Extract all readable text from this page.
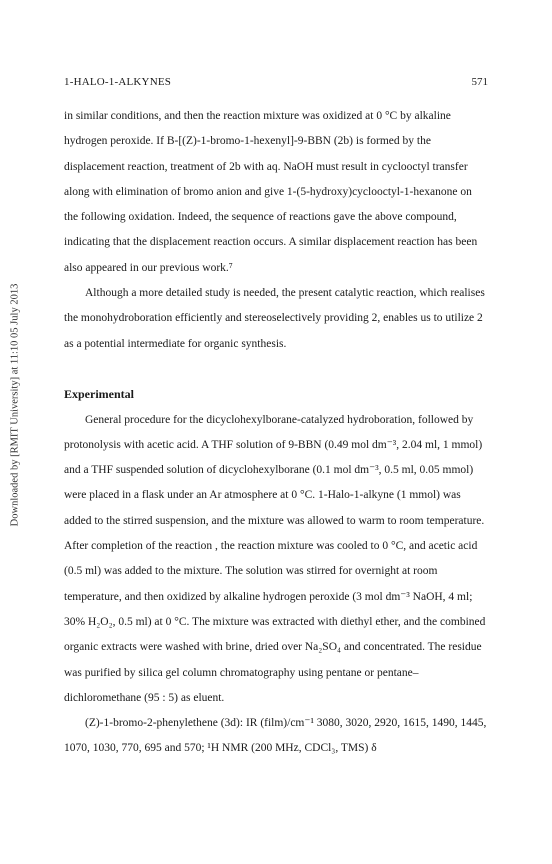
Downloaded by [RMIT University] at 11:10 05 July 2013
1-HALO-1-ALKYNES	571

in similar conditions, and then the reaction mixture was oxidized at 0 °C by alkaline hydrogen peroxide. If B-[(Z)-1-bromo-1-hexenyl]-9-BBN (2b) is formed by the displacement reaction, treatment of 2b with aq. NaOH must result in cyclooctyl transfer along with elimination of bromo anion and give 1-(5-hydroxy)cyclooctyl-1-hexanone on the following oxidation. Indeed, the sequence of reactions gave the above compound, indicating that the displacement reaction occurs. A similar displacement reaction has been also appeared in our previous work.⁷

Although a more detailed study is needed, the present catalytic reaction, which realises the monohydroboration efficiently and stereoselectively providing 2, enables us to utilize 2 as a potential intermediate for organic synthesis.

Experimental

General procedure for the dicyclohexylborane-catalyzed hydroboration, followed by protonolysis with acetic acid. A THF solution of 9-BBN (0.49 mol dm⁻³, 2.04 ml, 1 mmol) and a THF suspended solution of dicyclohexylborane (0.1 mol dm⁻³, 0.5 ml, 0.05 mmol) were placed in a flask under an Ar atmosphere at 0 °C. 1-Halo-1-alkyne (1 mmol) was added to the stirred suspension, and the mixture was allowed to warm to room temperature. After completion of the reaction , the reaction mixture was cooled to 0 °C, and acetic acid (0.5 ml) was added to the mixture. The solution was stirred for overnight at room temperature, and then oxidized by alkaline hydrogen peroxide (3 mol dm⁻³ NaOH, 4 ml; 30% H₂O₂, 0.5 ml) at 0 °C. The mixture was extracted with diethyl ether, and the combined organic extracts were washed with brine, dried over Na₂SO₄ and concentrated. The residue was purified by silica gel column chromatography using pentane or pentane–dichloromethane (95 : 5) as eluent.

(Z)-1-bromo-2-phenylethene (3d): IR (film)/cm⁻¹ 3080, 3020, 2920, 1615, 1490, 1445, 1070, 1030, 770, 695 and 570; ¹H NMR (200 MHz, CDCl₃, TMS) δ
